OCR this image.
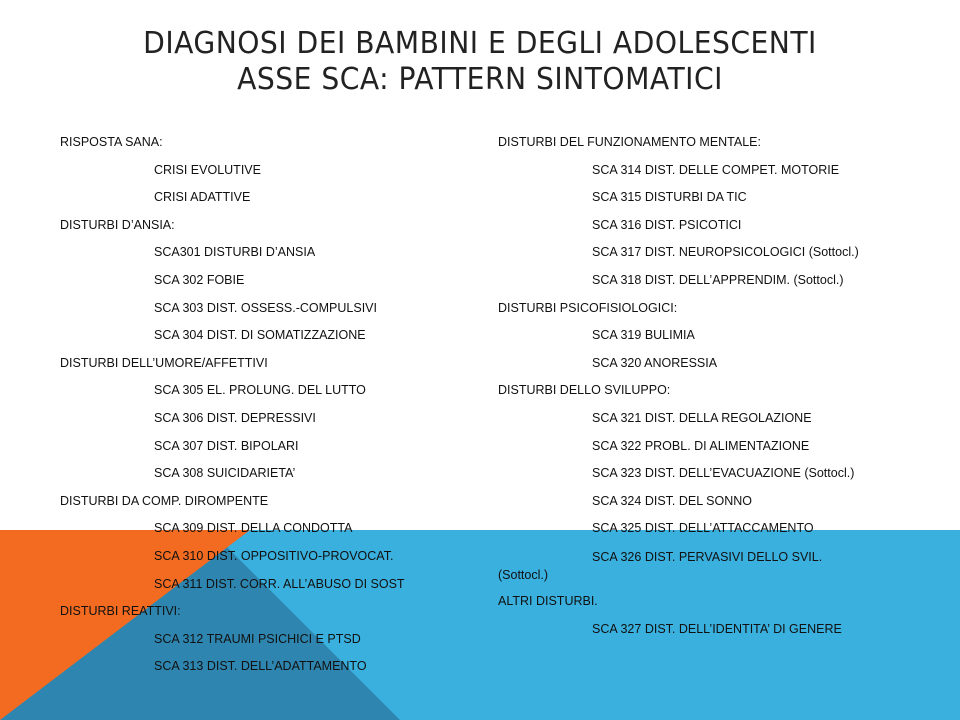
DIAGNOSI DEI BAMBINI E DEGLI ADOLESCENTI
ASSE SCA: PATTERN SINTOMATICI
RISPOSTA SANA:
CRISI EVOLUTIVE
CRISI ADATTIVE
DISTURBI D’ANSIA:
SCA301 DISTURBI D’ANSIA
SCA 302 FOBIE
SCA 303 DIST. OSSESS.-COMPULSIVI
SCA 304 DIST. DI SOMATIZZAZIONE
DISTURBI DELL’UMORE/AFFETTIVI
SCA 305 EL. PROLUNG. DEL LUTTO
SCA 306 DIST. DEPRESSIVI
SCA 307 DIST. BIPOLARI
SCA 308 SUICIDARIETA’
DISTURBI DA COMP. DIROMPENTE
SCA 309 DIST. DELLA CONDOTTA
SCA 310 DIST. OPPOSITIVO-PROVOCAT.
SCA 311 DIST. CORR. ALL’ABUSO DI SOST
DISTURBI REATTIVI:
SCA 312 TRAUMI PSICHICI E PTSD
SCA 313 DIST. DELL’ADATTAMENTO
DISTURBI DEL FUNZIONAMENTO MENTALE:
SCA 314 DIST. DELLE COMPET. MOTORIE
SCA 315 DISTURBI DA TIC
SCA 316 DIST. PSICOTICI
SCA 317 DIST. NEUROPSICOLOGICI (Sottocl.)
SCA 318 DIST. DELL’APPRENDIM. (Sottocl.)
DISTURBI PSICOFISIOLOGICI:
SCA 319 BULIMIA
SCA 320 ANORESSIA
DISTURBI DELLO SVILUPPO:
SCA 321 DIST. DELLA REGOLAZIONE
SCA 322 PROBL. DI ALIMENTAZIONE
SCA 323 DIST. DELL’EVACUAZIONE (Sottocl.)
SCA 324 DIST. DEL SONNO
SCA 325 DIST. DELL’ATTACCAMENTO
SCA 326 DIST. PERVASIVI DELLO SVIL.
(Sottocl.)
ALTRI DISTURBI.
SCA 327 DIST. DELL’IDENTITA’ DI GENERE
